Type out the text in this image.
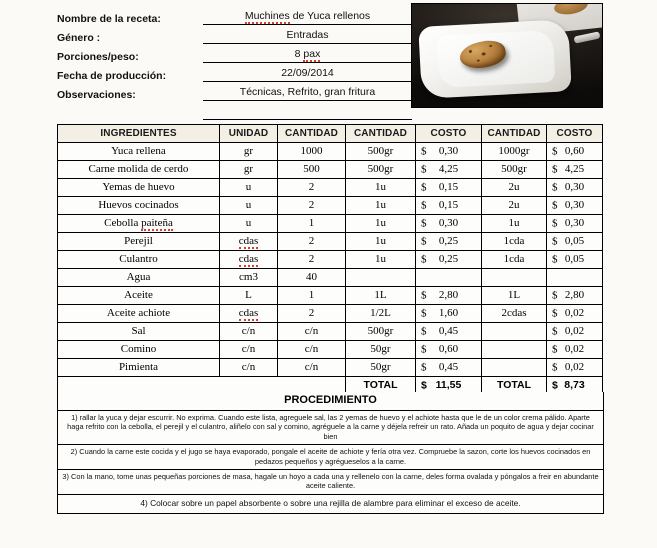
Nombre de la receta:	Muchines de Yuca rellenos
Género :	Entradas
Porciones/peso:	8 pax
Fecha de producción:	22/09/2014
Observaciones:	Técnicas, Refrito, gran fritura

INGREDIENTES	UNIDAD	CANTIDAD	CANTIDAD	COSTO	CANTIDAD	COSTO
Yuca rellena	gr	1000	500gr	$ 0,30	1000gr	$ 0,60
Carne molida de cerdo	gr	500	500gr	$ 4,25	500gr	$ 4,25
Yemas de huevo	u	2	1u	$ 0,15	2u	$ 0,30
Huevos cocinados	u	2	1u	$ 0,15	2u	$ 0,30
Cebolla paiteña	u	1	1u	$ 0,30	1u	$ 0,30
Perejil	cdas	2	1u	$ 0,25	1cda	$ 0,05
Culantro	cdas	2	1u	$ 0,25	1cda	$ 0,05
Agua	cm3	40				
Aceite	L	1	1L	$ 2,80	1L	$ 2,80
Aceite achiote	cdas	2	1/2L	$ 1,60	2cdas	$ 0,02
Sal	c/n	c/n	500gr	$ 0,45		$ 0,02
Comino	c/n	c/n	50gr	$ 0,60		$ 0,02
Pimienta	c/n	c/n	50gr	$ 0,45		$ 0,02
			TOTAL	$ 11,55	TOTAL	$ 8,73
PROCEDIMIENTO
1) rallar la yuca y dejar escurrir. No exprima. Cuando este lista, agreguele sal, las 2 yemas de huevo y el achiote hasta que le de un color crema pálido. Aparte haga refrito con la cebolla, el perejil y el culantro, aliñelo con sal y comino, agréguele a la carne y déjela refreir un rato. Añada un poquito de agua y dejar cocinar bien
2) Cuando la carne este cocida y el jugo se haya evaporado, pongale el aceite de achiote y fería otra vez. Compruebe la sazon, corte los huevos cocinados en pedazos pequeños y agrégueselos a la carne.
3) Con la mano, tome unas pequeñas porciones de masa, hagale un hoyo a cada una y rellenelo con la carne, deles forma ovalada y póngalos a freir en abundante aceite caliente.
4) Colocar sobre un papel absorbente o sobre una rejilla de alambre para eliminar el exceso de aceite.
